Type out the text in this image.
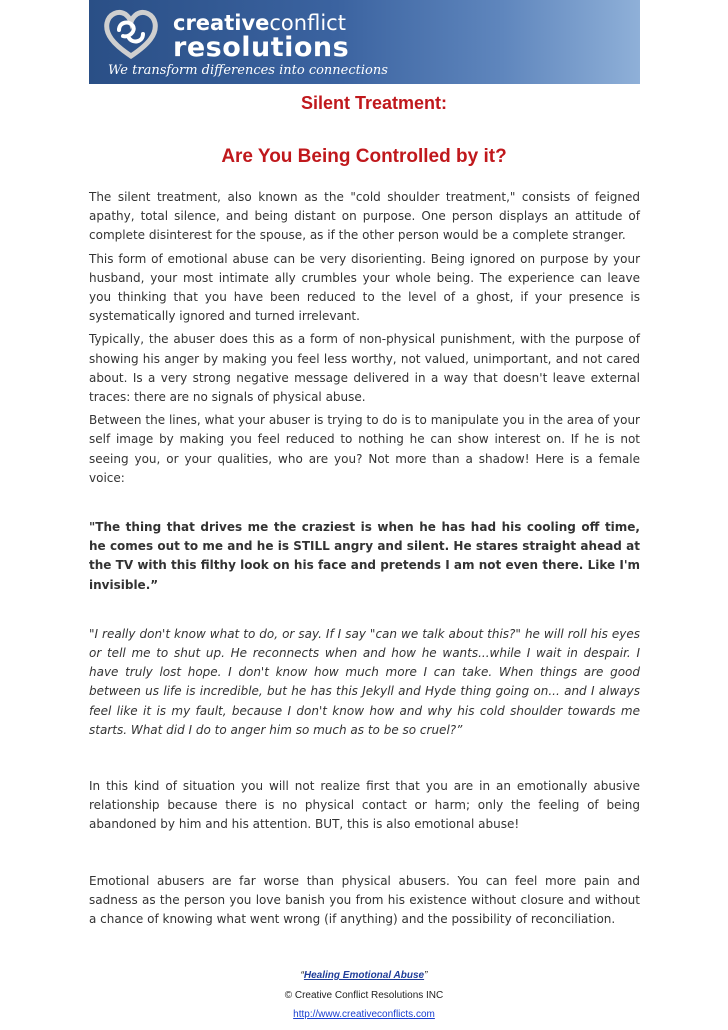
creativeconflict
resolutions
We transform differences into connections
Silent Treatment:
Are You Being Controlled by it?

The silent treatment, also known as the "cold shoulder treatment," consists of feigned apathy, total silence, and being distant on purpose. One person displays an attitude of complete disinterest for the spouse, as if the other person would be a complete stranger.

This form of emotional abuse can be very disorienting. Being ignored on purpose by your husband, your most intimate ally crumbles your whole being. The experience can leave you thinking that you have been reduced to the level of a ghost, if your presence is systematically ignored and turned irrelevant.

Typically, the abuser does this as a form of non-physical punishment, with the purpose of showing his anger by making you feel less worthy, not valued, unimportant, and not cared about. Is a very strong negative message delivered in a way that doesn't leave external traces: there are no signals of physical abuse.

Between the lines, what your abuser is trying to do is to manipulate you in the area of your self image by making you feel reduced to nothing he can show interest on. If he is not seeing you, or your qualities, who are you? Not more than a shadow! Here is a female voice:

"The thing that drives me the craziest is when he has had his cooling off time, he comes out to me and he is STILL angry and silent. He stares straight ahead at the TV with this filthy look on his face and pretends I am not even there. Like I'm invisible.”

"I really don't know what to do, or say. If I say "can we talk about this?" he will roll his eyes or tell me to shut up. He reconnects when and how he wants...while I wait in despair. I have truly lost hope. I don't know how much more I can take. When things are good between us life is incredible, but he has this Jekyll and Hyde thing going on... and I always feel like it is my fault, because I don't know how and why his cold shoulder towards me starts. What did I do to anger him so much as to be so cruel?”

In this kind of situation you will not realize first that you are in an emotionally abusive relationship because there is no physical contact or harm; only the feeling of being abandoned by him and his attention. BUT, this is also emotional abuse!

Emotional abusers are far worse than physical abusers. You can feel more pain and sadness as the person you love banish you from his existence without closure and without a chance of knowing what went wrong (if anything) and the possibility of reconciliation.

“Healing Emotional Abuse”
© Creative Conflict Resolutions INC
http://www.creativeconflicts.com
